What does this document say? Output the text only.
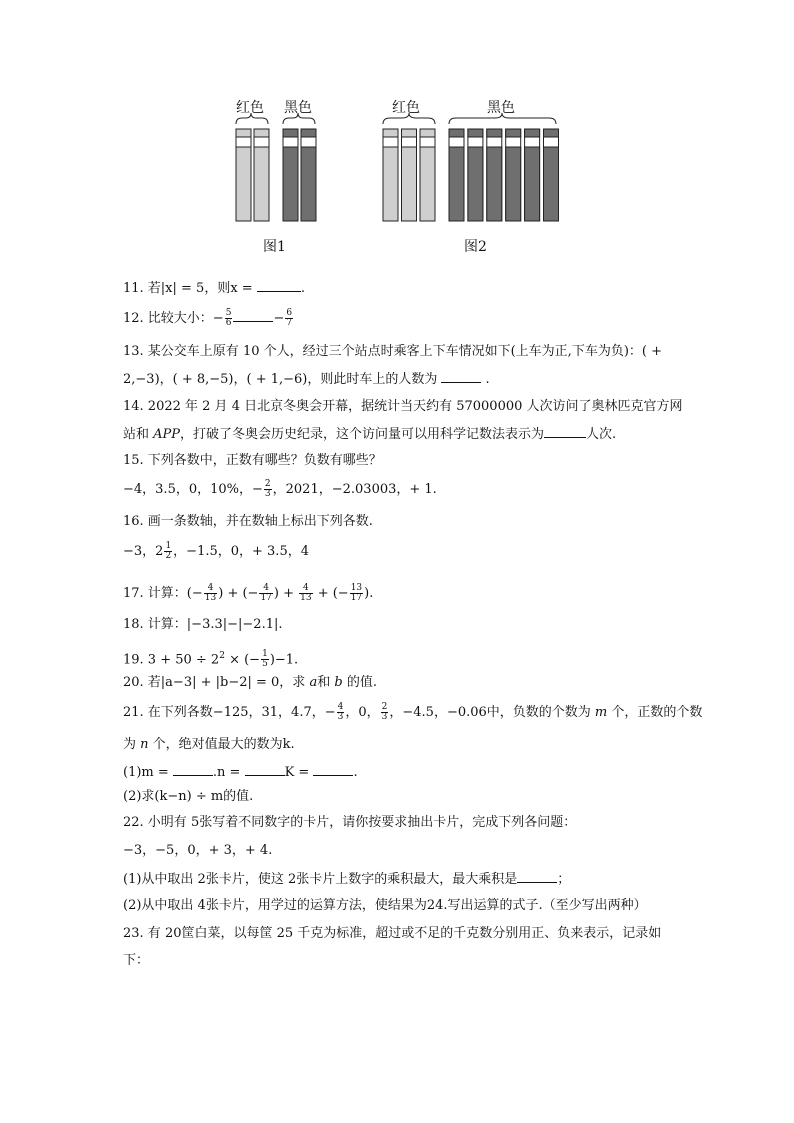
红色 黑色	红色	黑色
图1	图2
11. 若|x| = 5，则x =	.
12. 比较大小：− $\frac{5}{6}$	− $\frac{6}{7}$
13. 某公交车上原有 10 个人，经过三个站点时乘客上下车情况如下(上车为正,下车为负)：( +
2,−3)，( + 8,−5)，( + 1,−6)，则此时车上的人数为	.
14. 2022 年 2 月 4 日北京冬奥会开幕，据统计当天约有 57000000 人次访问了奥林匹克官方网
站和 APP，打破了冬奥会历史纪录，这个访问量可以用科学记数法表示为	人次.
15. 下列各数中，正数有哪些？负数有哪些？
−4，3.5，0，10%，− $\frac{2}{3}$ ，2021，−2.03003，+ 1.
16. 画一条数轴，并在数轴上标出下列各数.
−3，$2 \frac{1}{2}$ ，−1.5，0，+ 3.5，4
17. 计算：(− $\frac{4}{13}$ ) + (− $\frac{4}{17}$ ) + $\frac{4}{13}$ + (− $\frac{13}{17}$ ).
18. 计算：|−3.3|−|−2.1|.
19. $3 + 50 \div 2^2$ × (− $\frac{1}{5} )-1$.
20. 若|a−3| + |b−2| = 0，求 a和 b 的值.
21. 在下列各数−125，31，4.7，− $\frac{4}{3}$ ，0， $\frac{2}{3}$ ，−4.5，−0.06中，负数的个数为 m 个，正数的个数
为 n 个，绝对值最大的数为k.
(1)m =	.n =	K =	.
(2)求(k−n) ÷ m的值.
22. 小明有 5张写着不同数字的卡片，请你按要求抽出卡片，完成下列各问题：
−3，−5，0，+ 3，+ 4.
(1)从中取出 2张卡片，使这 2张卡片上数字的乘积最大，最大乘积是	；
(2)从中取出 4张卡片，用学过的运算方法，使结果为24.写出运算的式子.（至少写出两种）
23. 有 20筐白菜，以每筐 25 千克为标准，超过或不足的千克数分别用正、负来表示，记录如
下：
